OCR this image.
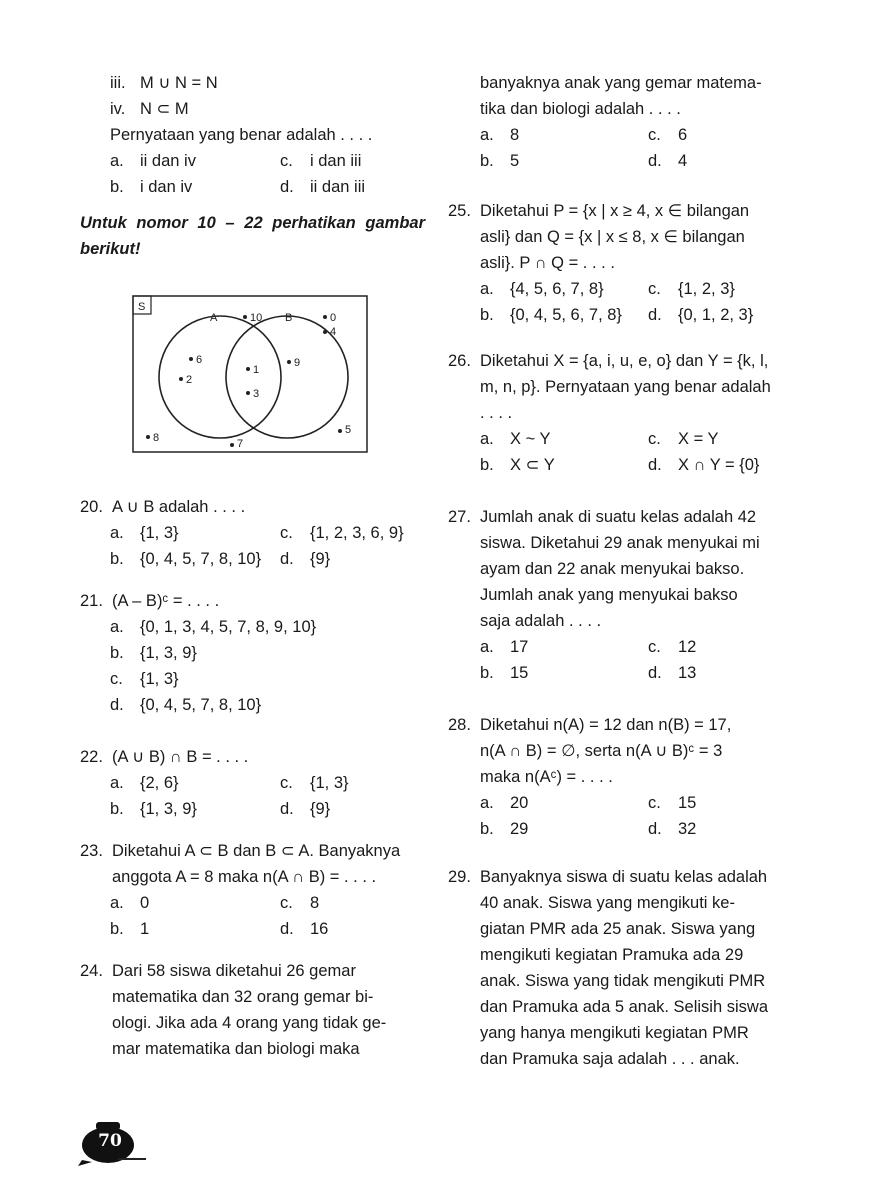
iii. M ∪ N = N
iv. N ⊂ M
Pernyataan yang benar adalah . . . .
a. ii dan iv	c. i dan iii
b. i dan iv	d. ii dan iii
Untuk nomor 10 – 22 perhatikan gambar
berikut!
S
A	B
10	0
4
6
2
1
3
9
5
8	7
20. A ∪ B adalah . . . .
a. {1, 3}	c. {1, 2, 3, 6, 9}
b. {0, 4, 5, 7, 8, 10} d. {9}
21. (A – B)ᶜ = . . . .
a. {0, 1, 3, 4, 5, 7, 8, 9, 10}
b. {1, 3, 9}
c. {1, 3}
d. {0, 4, 5, 7, 8, 10}
22. (A ∪ B) ∩ B = . . . .
a. {2, 6}	c. {1, 3}
b. {1, 3, 9}	d. {9}
23. Diketahui A ⊂ B dan B ⊂ A. Banyaknya
anggota A = 8 maka n(A ∩ B) = . . . .
a. 0	c. 8
b. 1	d. 16
24. Dari 58 siswa diketahui 26 gemar
matematika dan 32 orang gemar bi-
ologi. Jika ada 4 orang yang tidak ge-
mar matematika dan biologi maka
banyaknya anak yang gemar matema-
tika dan biologi adalah . . . .
a. 8	c. 6
b. 5	d. 4
25. Diketahui P = {x | x ≥ 4, x ∈ bilangan
asli} dan Q = {x | x ≤ 8, x ∈ bilangan
asli}. P ∩ Q = . . . .
a. {4, 5, 6, 7, 8}	c. {1, 2, 3}
b. {0, 4, 5, 6, 7, 8} d. {0, 1, 2, 3}
26. Diketahui X = {a, i, u, e, o} dan Y = {k, l,
m, n, p}. Pernyataan yang benar adalah
. . . .
a. X ~ Y	c. X = Y
b. X ⊂ Y	d. X ∩ Y = {0}
27. Jumlah anak di suatu kelas adalah 42
siswa. Diketahui 29 anak menyukai mi
ayam dan 22 anak menyukai bakso.
Jumlah anak yang menyukai bakso
saja adalah . . . .
a. 17	c. 12
b. 15	d. 13
28. Diketahui n(A) = 12 dan n(B) = 17,
n(A ∩ B) = ∅, serta n(A ∪ B)ᶜ = 3
maka n(Aᶜ) = . . . .
a. 20	c. 15
b. 29	d. 32
29. Banyaknya siswa di suatu kelas adalah
40 anak. Siswa yang mengikuti ke-
giatan PMR ada 25 anak. Siswa yang
mengikuti kegiatan Pramuka ada 29
anak. Siswa yang tidak mengikuti PMR
dan Pramuka ada 5 anak. Selisih siswa
yang hanya mengikuti kegiatan PMR
dan Pramuka saja adalah . . . anak.
70
